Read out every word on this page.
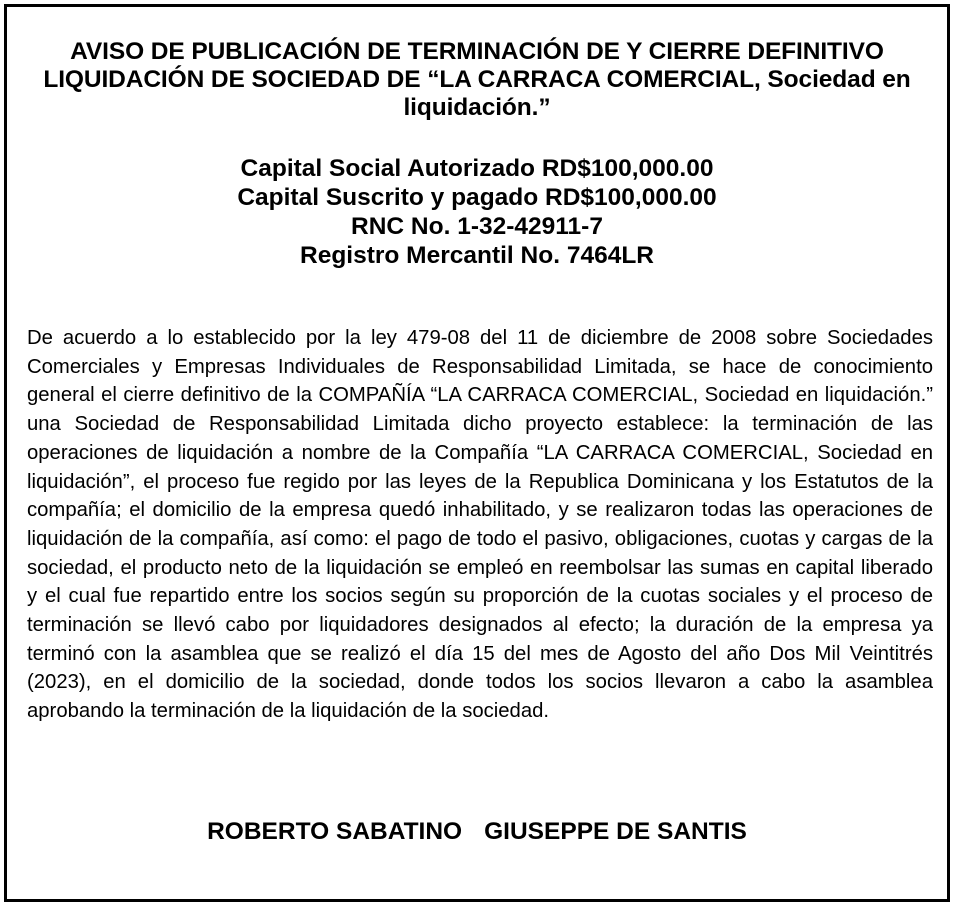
AVISO DE PUBLICACIÓN DE TERMINACIÓN DE Y CIERRE DEFINITIVO LIQUIDACIÓN DE SOCIEDAD DE “LA CARRACA COMERCIAL, Sociedad en liquidación.”
Capital Social Autorizado RD$100,000.00
Capital Suscrito y pagado RD$100,000.00
RNC No. 1-32-42911-7
Registro Mercantil No. 7464LR

De acuerdo a lo establecido por la ley 479-08 del 11 de diciembre de 2008 sobre Sociedades Comerciales y Empresas Individuales de Responsabilidad Limitada, se hace de conocimiento general el cierre definitivo de la COMPAÑÍA “LA CARRACA COMERCIAL, Sociedad en liquidación.” una Sociedad de Responsabilidad Limitada dicho proyecto establece: la terminación de las operaciones de liquidación a nombre de la Compañía “LA CARRACA COMERCIAL, Sociedad en liquidación”, el proceso fue regido por las leyes de la Republica Dominicana y los Estatutos de la compañía; el domicilio de la empresa quedó inhabilitado, y se realizaron todas las operaciones de liquidación de la compañía, así como: el pago de todo el pasivo, obligaciones, cuotas y cargas de la sociedad, el producto neto de la liquidación se empleó en reembolsar las sumas en capital liberado y el cual fue repartido entre los socios según su proporción de la cuotas sociales y el proceso de terminación se llevó cabo por liquidadores designados al efecto; la duración de la empresa ya terminó con la asamblea que se realizó el día 15 del mes de Agosto del año Dos Mil Veintitrés (2023), en el domicilio de la sociedad, donde todos los socios llevaron a cabo la asamblea aprobando la terminación de la liquidación de la sociedad.

ROBERTO SABATINO GIUSEPPE DE SANTIS
